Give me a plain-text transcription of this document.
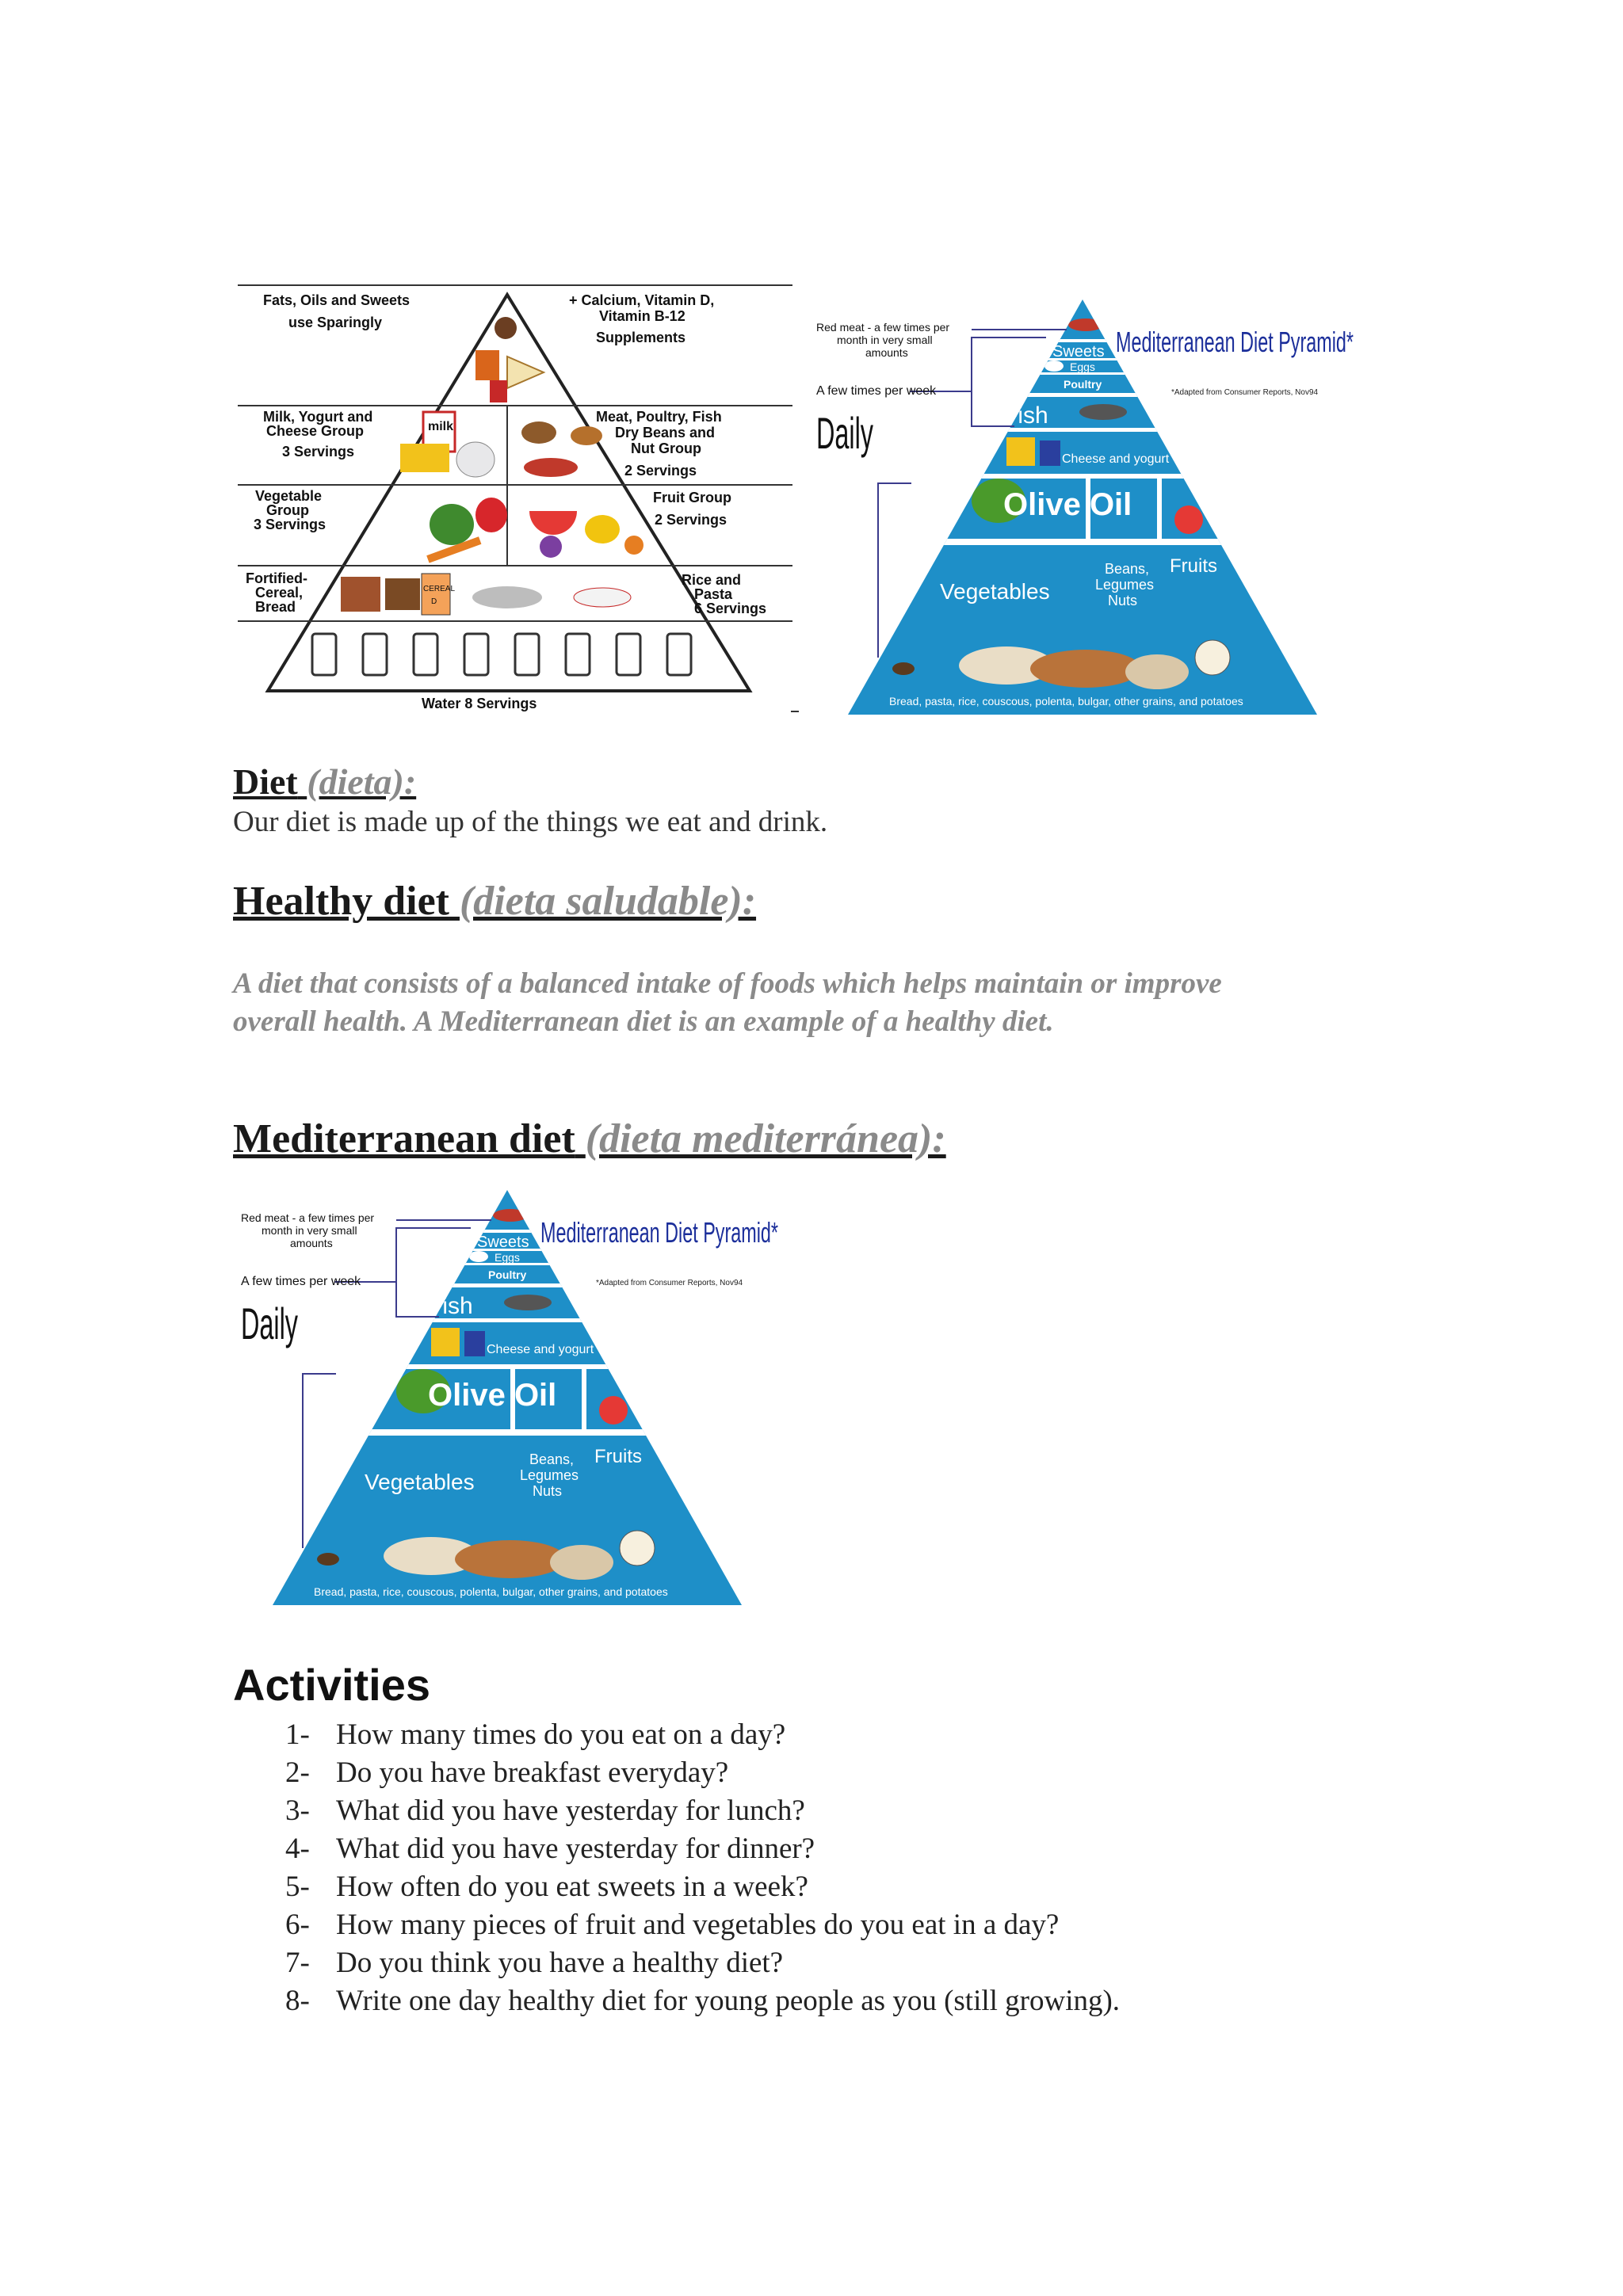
Fats, Oils and Sweets
use Sparingly
+ Calcium, Vitamin D,
Vitamin B-12
Supplements
Milk, Yogurt and
Cheese Group
3 Servings
milk
Meat, Poultry, Fish
Dry Beans and
Nut Group
2 Servings
Vegetable
Group
3 Servings
Fruit Group
2 Servings
Fortified-
Cereal,
Bread
CEREAL
D
Rice and
Pasta
6 Servings
Water 8 Servings
Red meat - a few times per
month in very small
amounts
A few times per week
Daily
Mediterranean Diet Pyramid*
*Adapted from Consumer Reports, Nov94
Sweets
Eggs
Poultry
Fish
Cheese and yogurt
Olive Oil
Vegetables
Beans,
Legumes
Nuts
Fruits
Bread, pasta, rice, couscous, polenta, bulgar, other grains, and potatoes
Diet (dieta):
Our diet is made up of the things we eat and drink.
Healthy diet (dieta saludable):
A diet that consists of a balanced intake of foods which helps maintain or improve
overall health. A Mediterranean diet is an example of a healthy diet.
Mediterranean diet (dieta mediterránea):
Red meat - a few times per
month in very small
amounts
A few times per week
Daily
Mediterranean Diet Pyramid*
*Adapted from Consumer Reports, Nov94
Sweets
Eggs
Poultry
Fish
Cheese and yogurt
Olive Oil
Vegetables
Beans,
Legumes
Nuts
Fruits
Bread, pasta, rice, couscous, polenta, bulgar, other grains, and potatoes
Activities
1- How many times do you eat on a day?
2- Do you have breakfast everyday?
3- What did you have yesterday for lunch?
4- What did you have yesterday for dinner?
5- How often do you eat sweets in a week?
6- How many pieces of fruit and vegetables do you eat in a day?
7- Do you think you have a healthy diet?
8- Write one day healthy diet for young people as you (still growing).
